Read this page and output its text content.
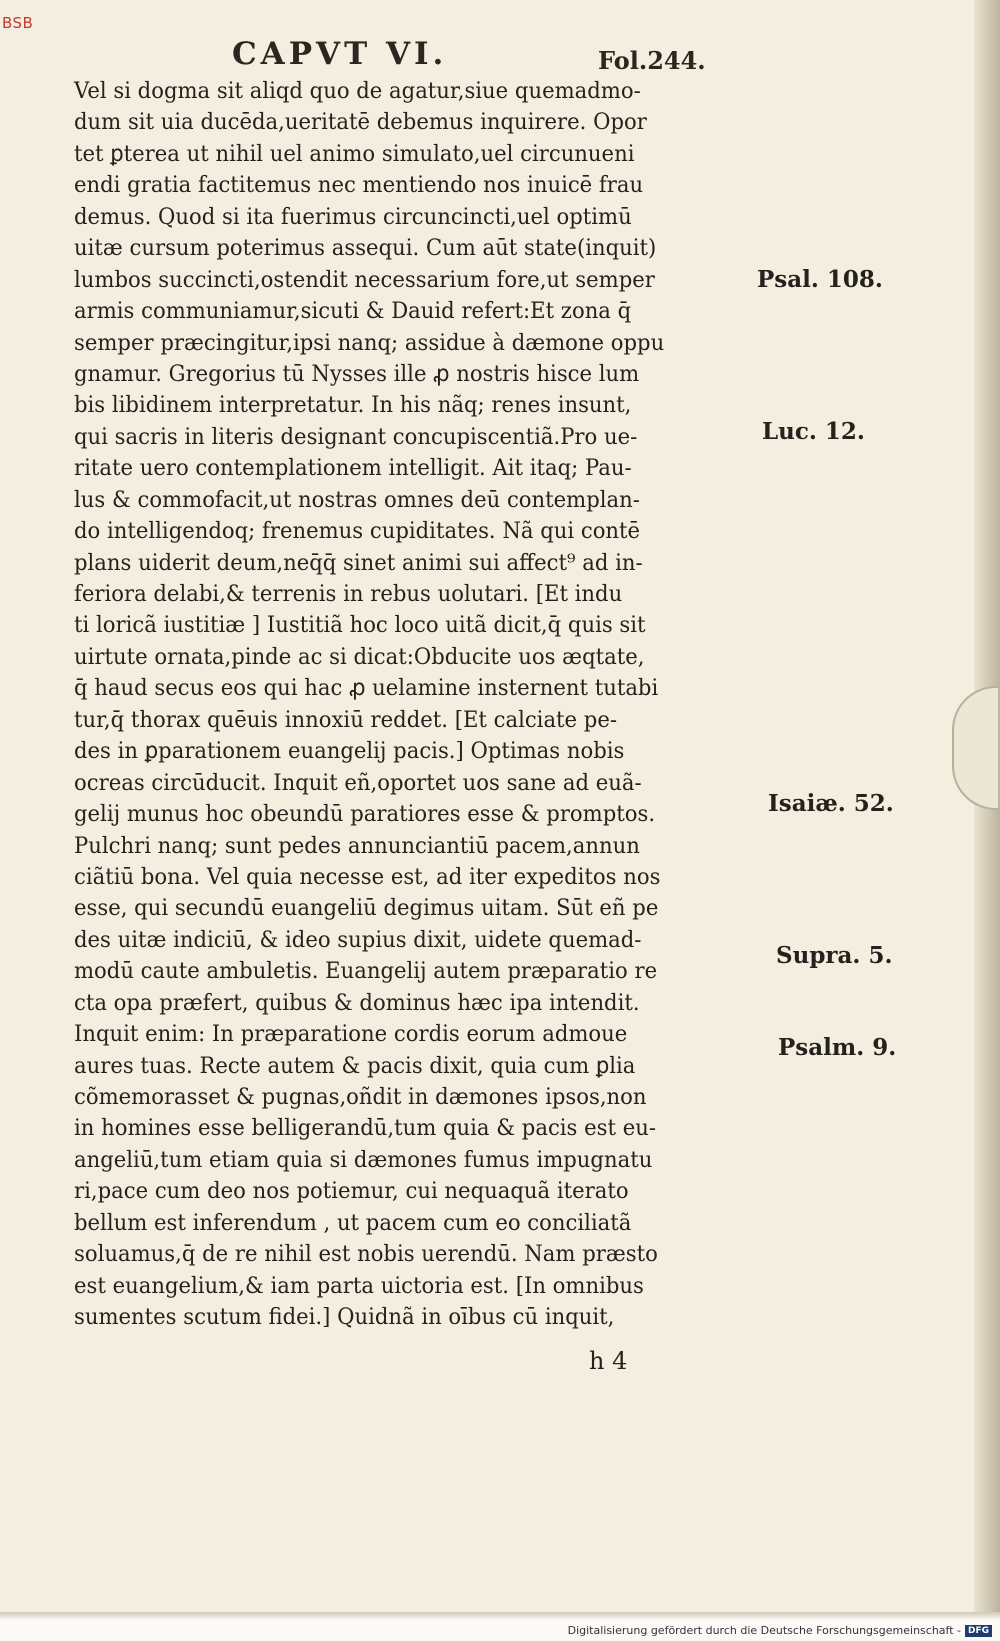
BSB
CAPVT VI.	Fol.244.
Vel si dogma sit aliqd quo de agatur,siue quemadmo-
dum sit uia ducēda,ueritatē debemus inquirere. Opor
tet ꝑterea ut nihil uel animo simulato,uel circunueni
endi gratia factitemus nec mentiendo nos inuicē frau
demus. Quod si ita fuerimus circuncincti,uel optimū
uitæ cursum poterimus assequi. Cum aūt state(inquit)
lumbos succincti,ostendit necessarium fore,ut semper
armis communiamur,sicuti & Dauid refert:Et zona q̄
semper præcingitur,ipsi nanq; assidue à dæmone oppu
gnamur. Gregorius tū Nysses ille ꝓ nostris hisce lum
bis libidinem interpretatur. In his nãq; renes insunt,
qui sacris in literis designant concupiscentiã.Pro ue-
ritate uero contemplationem intelligit. Ait itaq; Pau-
lus & commofacit,ut nostras omnes deū contemplan-
do intelligendoq; frenemus cupiditates. Nã qui contē
plans uiderit deum,neq̄q̄ sinet animi sui affect⁹ ad in-
feriora delabi,& terrenis in rebus uolutari. [Et indu
ti loricã iustitiæ ] Iustitiã hoc loco uitã dicit,q̄ quis sit
uirtute ornata,pinde ac si dicat:Obducite uos æqtate,
q̄ haud secus eos qui hac ꝓ uelamine insternent tutabi
tur,q̄ thorax quēuis innoxiū reddet. [Et calciate pe-
des in ꝑparationem euangelij pacis.] Optimas nobis
ocreas circūducit. Inquit eñ,oportet uos sane ad euã-
gelij munus hoc obeundū paratiores esse & promptos.
Pulchri nanq; sunt pedes annunciantiū pacem,annun
ciãtiū bona. Vel quia necesse est, ad iter expeditos nos
esse, qui secundū euangeliū degimus uitam. Sūt eñ pe
des uitæ indiciū, & ideo supius dixit, uidete quemad-
modū caute ambuletis. Euangelij autem præparatio re
cta opa præfert, quibus & dominus hæc ipa intendit.
Inquit enim: In præparatione cordis eorum admoue
aures tuas. Recte autem & pacis dixit, quia cum ꝑlia
cõmemorasset & pugnas,oñdit in dæmones ipsos,non
in homines esse belligerandū,tum quia & pacis est eu-
angeliū,tum etiam quia si dæmones fumus impugnatu
ri,pace cum deo nos potiemur, cui nequaquã iterato
bellum est inferendum , ut pacem cum eo conciliatã
soluamus,q̄ de re nihil est nobis uerendū. Nam præsto
est euangelium,& iam parta uictoria est. [In omnibus
sumentes scutum fidei.] Quidnã in oībus cū inquit,
Psal. 108.
Luc. 12.
Isaiæ. 52.
Supra. 5.
Psalm. 9.
h 4
Digitalisierung gefördert durch die Deutsche Forschungsgemeinschaft - DFG
